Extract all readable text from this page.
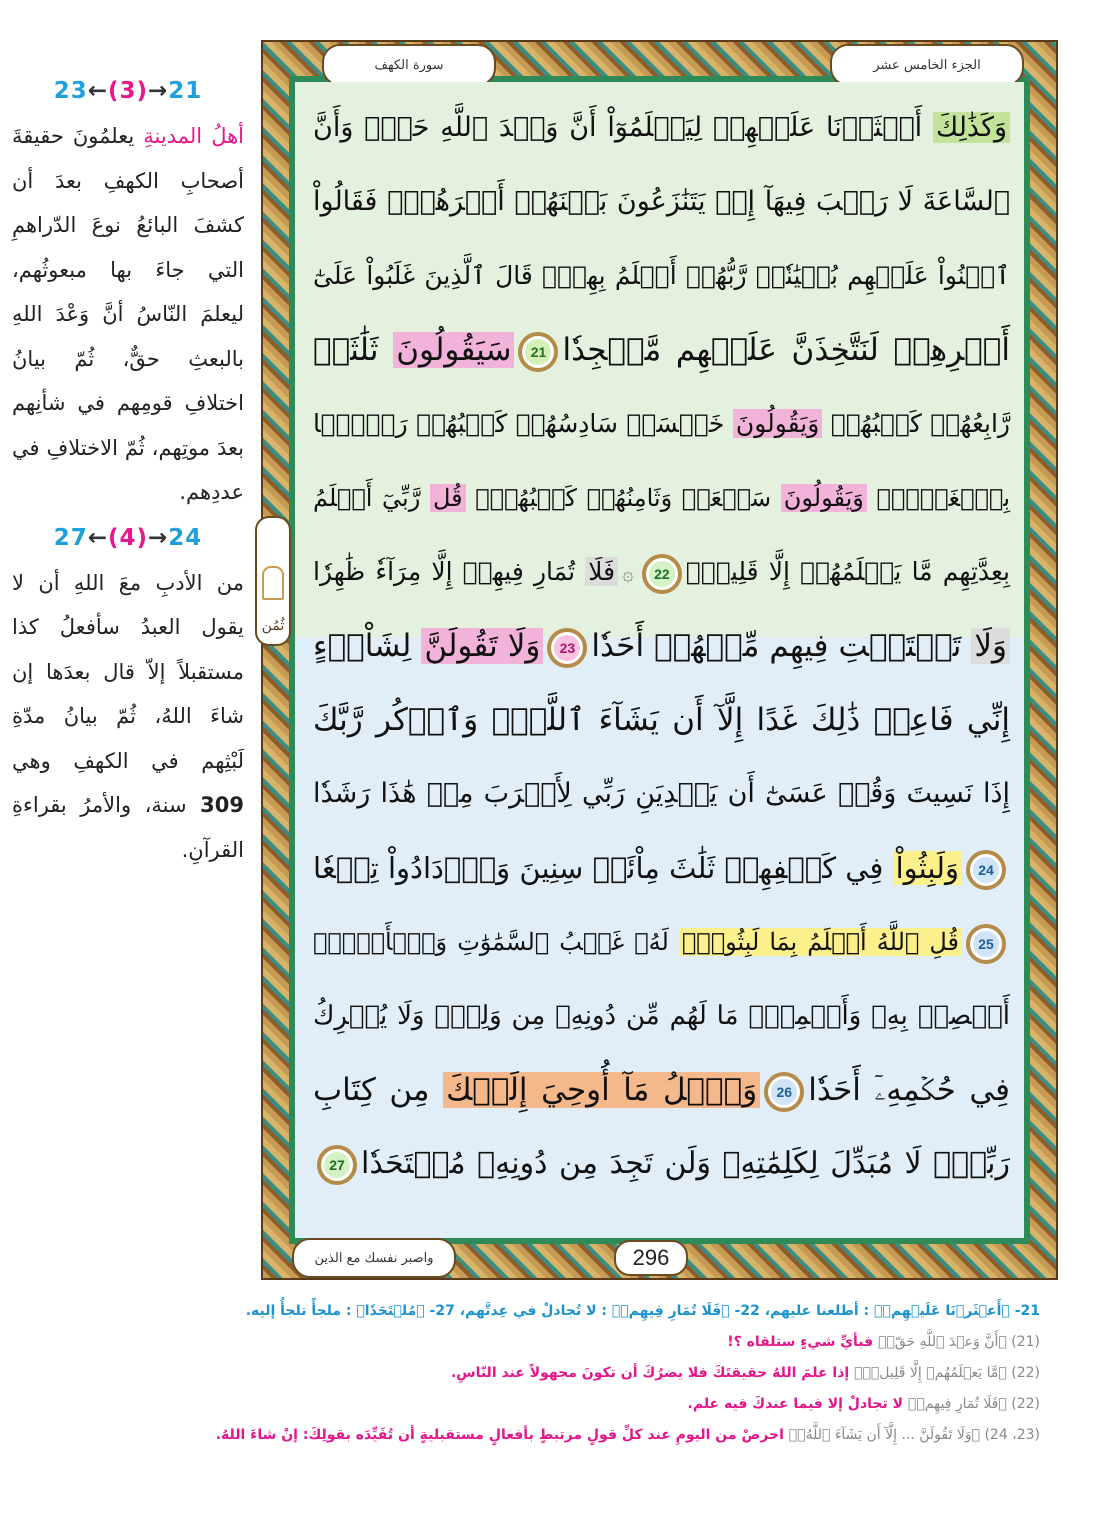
23←(3)→21
أهلُ المدينةِ يعلمُونَ حقيقةَ أصحابِ الكهفِ بعدَ أن كشفَ البائعُ نوعَ الدّراهمِ التي جاءَ بها مبعوثُهم، ليعلمَ النّاسُ أنَّ وَعْدَ اللهِ بالبعثِ حقٌّ، ثُمّ بيانُ اختلافِ قومِهم في شأنِهم بعدَ موتِهم، ثُمّ الاختلافِ في عددِهم.
27←(4)→24
من الأدبِ معَ اللهِ أن لا يقول العبدُ سأفعلُ كذا مستقبلاً إلاّ قال بعدَها إن شاءَ اللهُ، ثُمّ بيانُ مدّةِ لَبْثِهم في الكهفِ وهي 309 سنة، والأمرُ بقراءةِ القرآنِ.
الجزء الخامس عشر
سورة الكهف
وَكَذَٰلِكَ أَعۡثَرۡنَا عَلَيۡهِمۡ لِيَعۡلَمُوٓاْ أَنَّ وَعۡدَ ٱللَّهِ حَقّٞ وَأَنَّ
ٱلسَّاعَةَ لَا رَيۡبَ فِيهَآ إِذۡ يَتَنَٰزَعُونَ بَيۡنَهُمۡ أَمۡرَهُمۡۖ فَقَالُواْ
ٱبۡنُواْ عَلَيۡهِم بُنۡيَٰنٗاۖ رَّبُّهُمۡ أَعۡلَمُ بِهِمۡۚ قَالَ ٱلَّذِينَ غَلَبُواْ عَلَىٰٓ
أَمۡرِهِمۡ لَنَتَّخِذَنَّ عَلَيۡهِم مَّسۡجِدٗا21سَيَقُولُونَ ثَلَٰثَةٞ
رَّابِعُهُمۡ كَلۡبُهُمۡ وَيَقُولُونَ خَمۡسَةٞ سَادِسُهُمۡ كَلۡبُهُمۡ رَجۡمَۢا
بِٱلۡغَيۡبِۖ وَيَقُولُونَ سَبۡعَةٞ وَثَامِنُهُمۡ كَلۡبُهُمۡۚ قُل رَّبِّيٓ أَعۡلَمُ
بِعِدَّتِهِم مَّا يَعۡلَمُهُمۡ إِلَّا قَلِيلٞۗ22۞فَلَا تُمَارِ فِيهِمۡ إِلَّا مِرَآءٗ ظَٰهِرٗا
وَلَا تَسۡتَفۡتِ فِيهِم مِّنۡهُمۡ أَحَدٗا23وَلَا تَقُولَنَّ لِشَاْيۡءٍ
إِنِّي فَاعِلٞ ذَٰلِكَ غَدًا إِلَّآ أَن يَشَآءَ ٱللَّهُۚ وَٱذۡكُر رَّبَّكَ
إِذَا نَسِيتَ وَقُلۡ عَسَىٰٓ أَن يَهۡدِيَنِ رَبِّي لِأَقۡرَبَ مِنۡ هَٰذَا رَشَدٗا
24وَلَبِثُواْ فِي كَهۡفِهِمۡ ثَلَٰثَ مِاْئَةٖ سِنِينَ وَٱزۡدَادُواْ تِسۡعٗا
25قُلِ ٱللَّهُ أَعۡلَمُ بِمَا لَبِثُواْۖ لَهُۥ غَيۡبُ ٱلسَّمَٰوَٰتِ وَٱلۡأَرۡضِۖ
أَبۡصِرۡ بِهِۦ وَأَسۡمِعۡۚ مَا لَهُم مِّن دُونِهِۦ مِن وَلِيّٖ وَلَا يُشۡرِكُ
فِي حُكۡمِهِۦٓ أَحَدٗا26وَٱتۡلُ مَآ أُوحِيَ إِلَيۡكَ مِن كِتَابِ
رَبِّكَۖ لَا مُبَدِّلَ لِكَلِمَٰتِهِۦ وَلَن تَجِدَ مِن دُونِهِۦ مُلۡتَحَدٗا27
ثُمُن
واصبر نفسك مع الذين	296
21- ﴿أَعۡثَرۡنَا عَلَيۡهِمۡ﴾ : أطلعنا عليهم، 22- ﴿فَلَا تُمَارِ فِيهِمۡ﴾ : لا تُجادلْ في عِدتَّهم، 27- ﴿مُلۡتَحَدٗا﴾ : ملجأً تلجأُ إليه.
(21) ﴿أَنَّ وَعۡدَ ٱللَّهِ حَقّٞ﴾ فبأيِّ شيءٍ ستلقاه ؟!
(22) ﴿مَّا يَعۡلَمُهُمۡ إِلَّا قَلِيلٞۗ﴾ إذا علمَ اللهُ حقيقتَكَ فلا يضرُكَ أن تكونَ مجهولاً عند النّاسِ.
(22) ﴿فَلَا تُمَارِ فِيهِمۡ﴾ لا تجادلْ إلا فيما عندكَ فيه علم.
(23، 24) ﴿وَلَا تَقُولَنَّ ... إِلَّآ أَن يَشَآءَ ٱللَّهُۚ﴾ احرصْ من اليومِ عند كلِّ قولٍ مرتبطٍ بأفعالٍ مستقبليةٍ أن تُقَيِّدَه بقولِكَ: إنْ شاءَ اللهُ.
